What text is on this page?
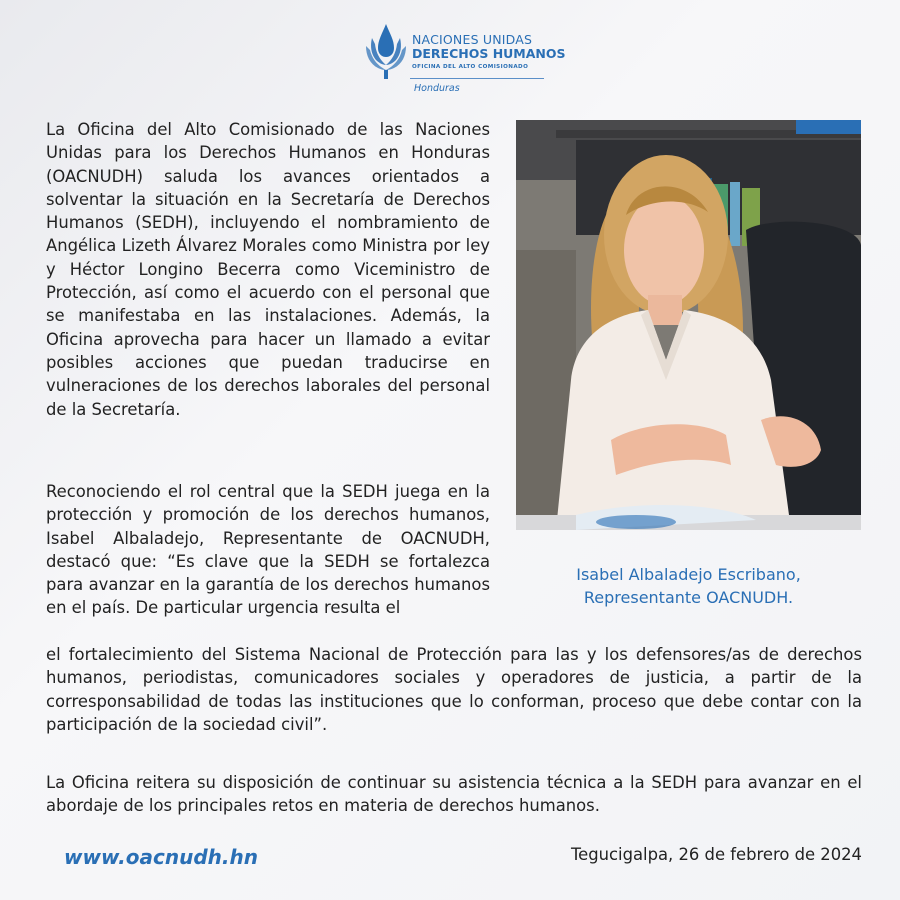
NACIONES UNIDAS
DERECHOS HUMANOS
OFICINA DEL ALTO COMISIONADO
Honduras
La Oficina del Alto Comisionado de las Naciones Unidas para los Derechos Humanos en Honduras (OACNUDH) saluda los avances orientados a solventar la situación en la Secretaría de Derechos Humanos (SEDH), incluyendo el nombramiento de Angélica Lizeth Álvarez Morales como Ministra por ley y Héctor Longino Becerra como Viceministro de Protección, así como el acuerdo con el personal que se manifestaba en las instalaciones. Además, la Oficina aprovecha para hacer un llamado a evitar posibles acciones que puedan traducirse en vulneraciones de los derechos laborales del personal de la Secretaría.
Isabel Albaladejo Escribano,
Representante OACNUDH.
Reconociendo el rol central que la SEDH juega en la protección y promoción de los derechos humanos, Isabel Albaladejo, Representante de OACNUDH, destacó que: “Es clave que la SEDH se fortalezca para avanzar en la garantía de los derechos humanos en el país. De particular urgencia resulta el
el fortalecimiento del Sistema Nacional de Protección para las y los defensores/as de derechos humanos, periodistas, comunicadores sociales y operadores de justicia, a partir de la corresponsabilidad de todas las instituciones que lo conforman, proceso que debe contar con la participación de la sociedad civil”.
La Oficina reitera su disposición de continuar su asistencia técnica a la SEDH para avanzar en el abordaje de los principales retos en materia de derechos humanos.
www.oacnudh.hn	Tegucigalpa, 26 de febrero de 2024
